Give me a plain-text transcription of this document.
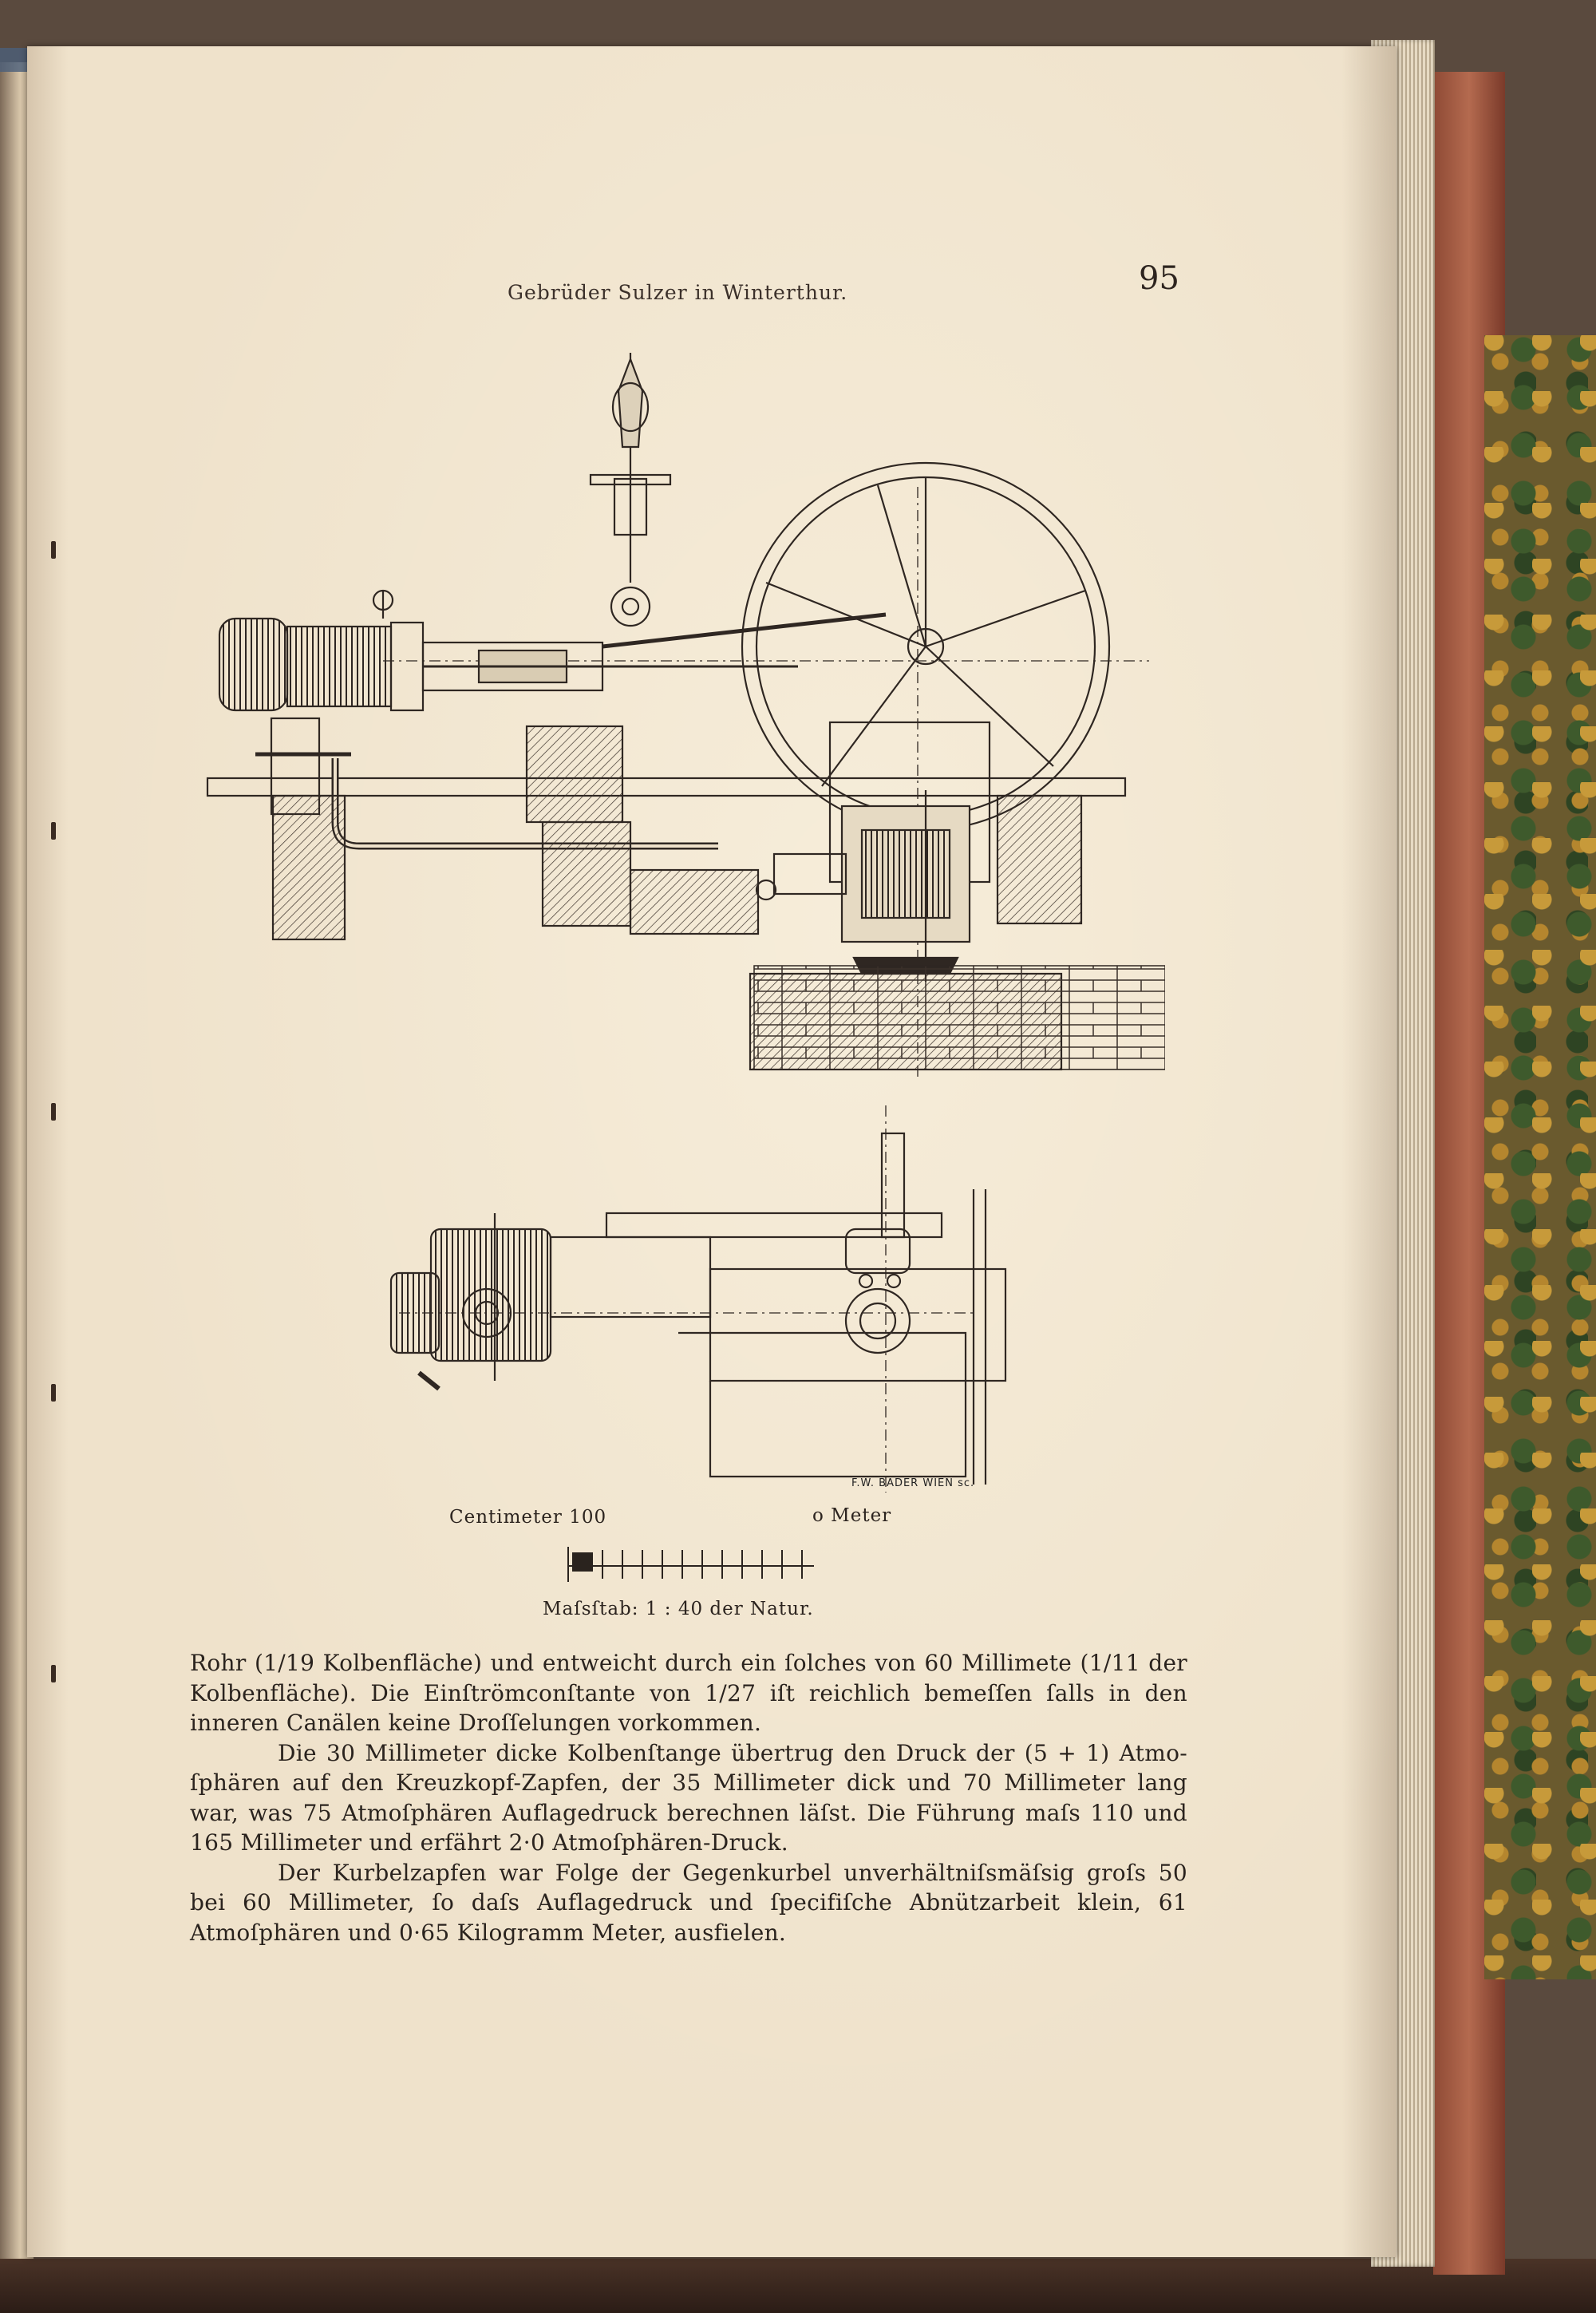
Gebrüder Sulzer in Winterthur.	95
F.W. BADER WIEN sc.
Centimeter 100	o Meter
Maſsſtab: 1 : 40 der Natur.

Rohr (1/19 Kolbenfläche) und entweicht durch ein ſolches von 60 Millimete (1/11 der Kolbenfläche). Die Einſtrömconſtante von 1/27 iſt reichlich bemeſſen ſalls in den inneren Canälen keine Droſſelungen vorkommen.

Die 30 Millimeter dicke Kolbenſtange übertrug den Druck der (5 + 1) Atmo-ſphären auf den Kreuzkopf-Zapfen, der 35 Millimeter dick und 70 Millimeter lang war, was 75 Atmoſphären Auflagedruck berechnen läſst. Die Führung maſs 110 und 165 Millimeter und erfährt 2·0 Atmoſphären-Druck.

Der Kurbelzapfen war Folge der Gegenkurbel unverhältniſsmäſsig groſs 50 bei 60 Millimeter, ſo daſs Auflagedruck und ſpecifiſche Abnützarbeit klein, 61 Atmoſphären und 0·65 Kilogramm Meter, ausfielen.
